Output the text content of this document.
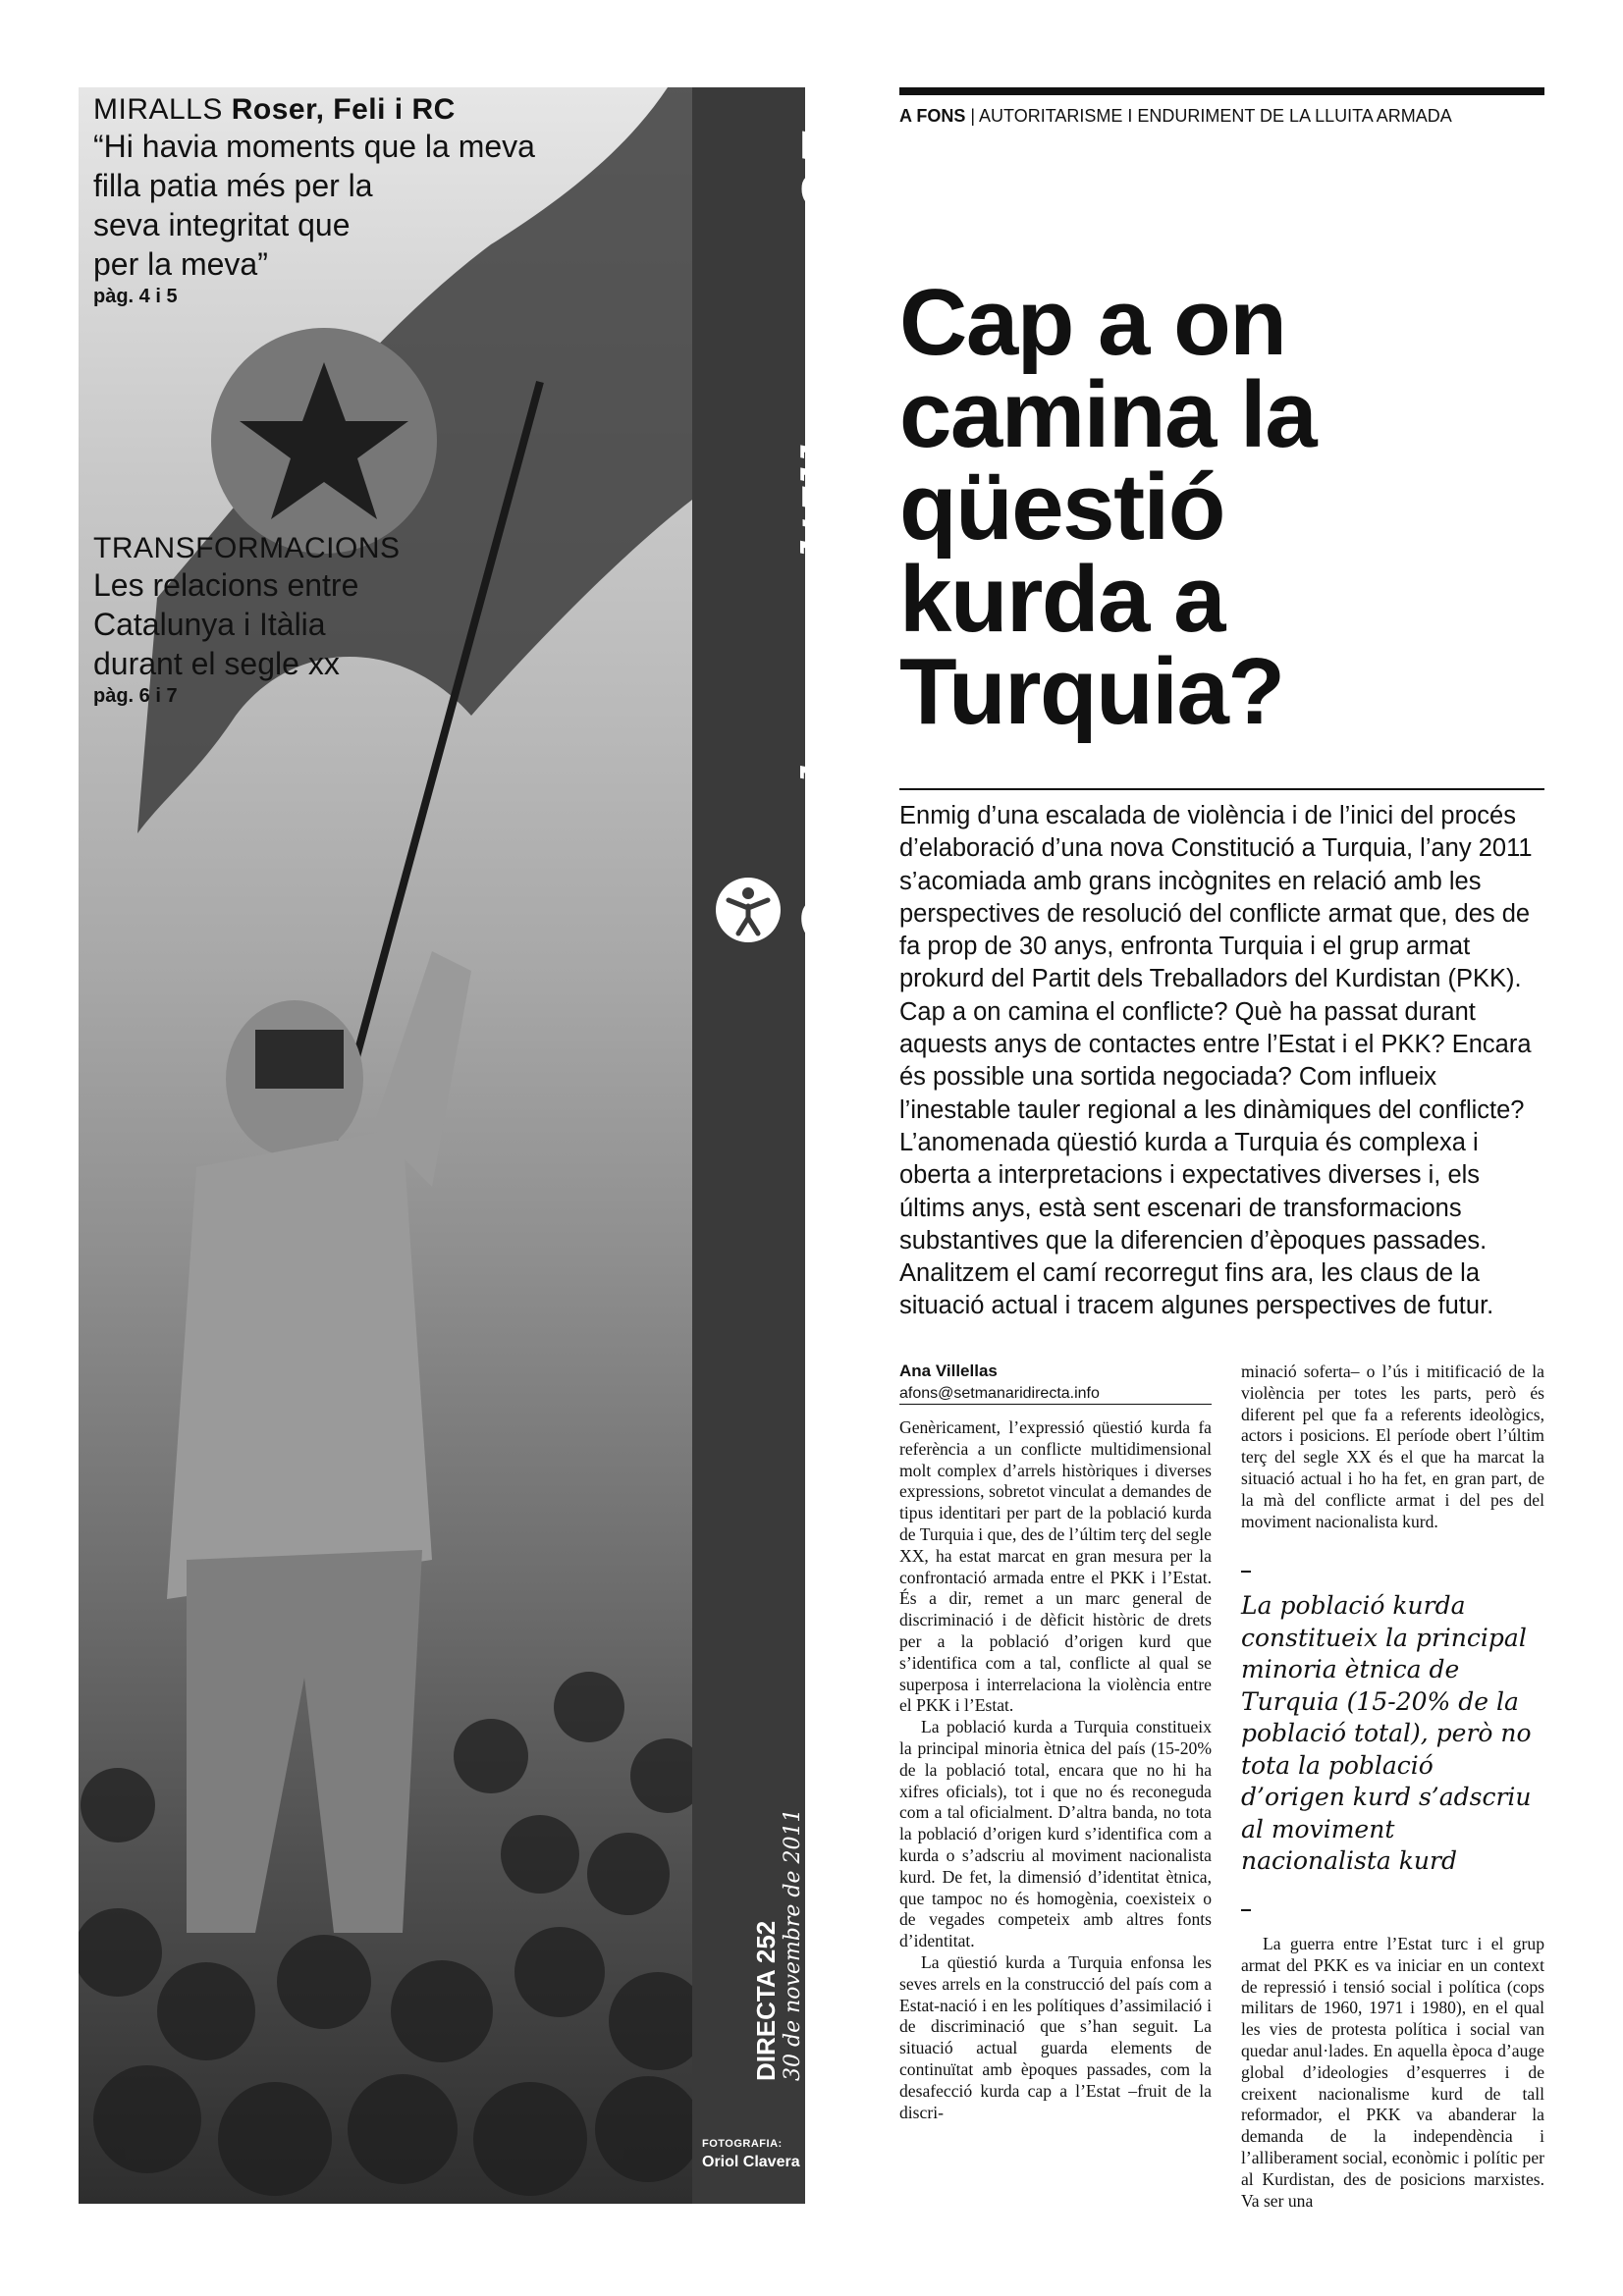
MIRALLS Roser, Feli i RC
“Hi havia moments que la meva
filla patia més per la
seva integritat que
per la meva”
pàg. 4 i 5
TRANSFORMACIONS
Les relacions entre
Catalunya i Itàlia
durant el segle xx
pàg. 6 i 7	Quaderns d’Illacrua 85
DIRECTA 252 30 de novembre de 2011
FOTOGRAFIA:
Oriol Clavera
A FONS | AUTORITARISME I ENDURIMENT DE LA LLUITA ARMADA
Cap a on
camina la
qüestió
kurda a
Turquia?

Enmig d’una escalada de violència i de l’inici del procés d’elaboració d’una nova Constitució a Turquia, l’any 2011 s’acomiada amb grans incògnites en relació amb les perspectives de resolució del conflicte armat que, des de fa prop de 30 anys, enfronta Turquia i el grup armat prokurd del Partit dels Treballadors del Kurdistan (PKK). Cap a on camina el conflicte? Què ha passat durant aquests anys de contactes entre l’Estat i el PKK? Encara és possible una sortida negociada? Com influeix l’inestable tauler regional a les dinàmiques del conflicte? L’anomenada qüestió kurda a Turquia és complexa i oberta a interpretacions i expectatives diverses i, els últims anys, està sent escenari de transformacions substantives que la diferencien d’èpoques passades. Analitzem el camí recorregut fins ara, les claus de la situació actual i tracem algunes perspectives de futur.

Ana Villellas
afons@setmanaridirecta.info

Genèricament, l’expressió qüestió kurda fa referència a un conflicte multidimensional molt complex d’arrels històriques i diverses expressions, sobretot vinculat a demandes de tipus identitari per part de la població kurda de Turquia i que, des de l’últim terç del segle XX, ha estat marcat en gran mesura per la confrontació armada entre el PKK i l’Estat. És a dir, remet a un marc general de discriminació i de dèficit històric de drets per a la població d’origen kurd que s’identifica com a tal, conflicte al qual se superposa i interrelaciona la violència entre el PKK i l’Estat.

La població kurda a Turquia constitueix la principal minoria ètnica del país (15-20% de la població total, encara que no hi ha xifres oficials), tot i que no és reconeguda com a tal oficialment. D’altra banda, no tota la població d’origen kurd s’identifica com a kurda o s’adscriu al moviment nacionalista kurd. De fet, la dimensió d’identitat ètnica, que tampoc no és homogènia, coexisteix o de vegades competeix amb altres fonts d’identitat.

La qüestió kurda a Turquia enfonsa les seves arrels en la construcció del país com a Estat-nació i en les polítiques d’assimilació i de discriminació que s’han seguit. La situació actual guarda elements de continuïtat amb èpoques passades, com la desafecció kurda cap a l’Estat –fruit de la discri-

minació soferta– o l’ús i mitificació de la violència per totes les parts, però és diferent pel que fa a referents ideològics, actors i posicions. El període obert l’últim terç del segle XX és el que ha marcat la situació actual i ho ha fet, en gran part, de la mà del conflicte armat i del pes del moviment nacionalista kurd.

La població kurda constitueix la principal minoria ètnica de Turquia (15-20% de la població total), però no tota la població d’origen kurd s’adscriu al moviment nacionalista kurd

La guerra entre l’Estat turc i el grup armat del PKK es va iniciar en un context de repressió i tensió social i política (cops militars de 1960, 1971 i 1980), en el qual les vies de protesta política i social van quedar anul·lades. En aquella època d’auge global d’ideologies d’esquerres i de creixent nacionalisme kurd de tall reformador, el PKK va abanderar la demanda de la independència i l’alliberament social, econòmic i polític per al Kurdistan, des de posicions marxistes. Va ser una
